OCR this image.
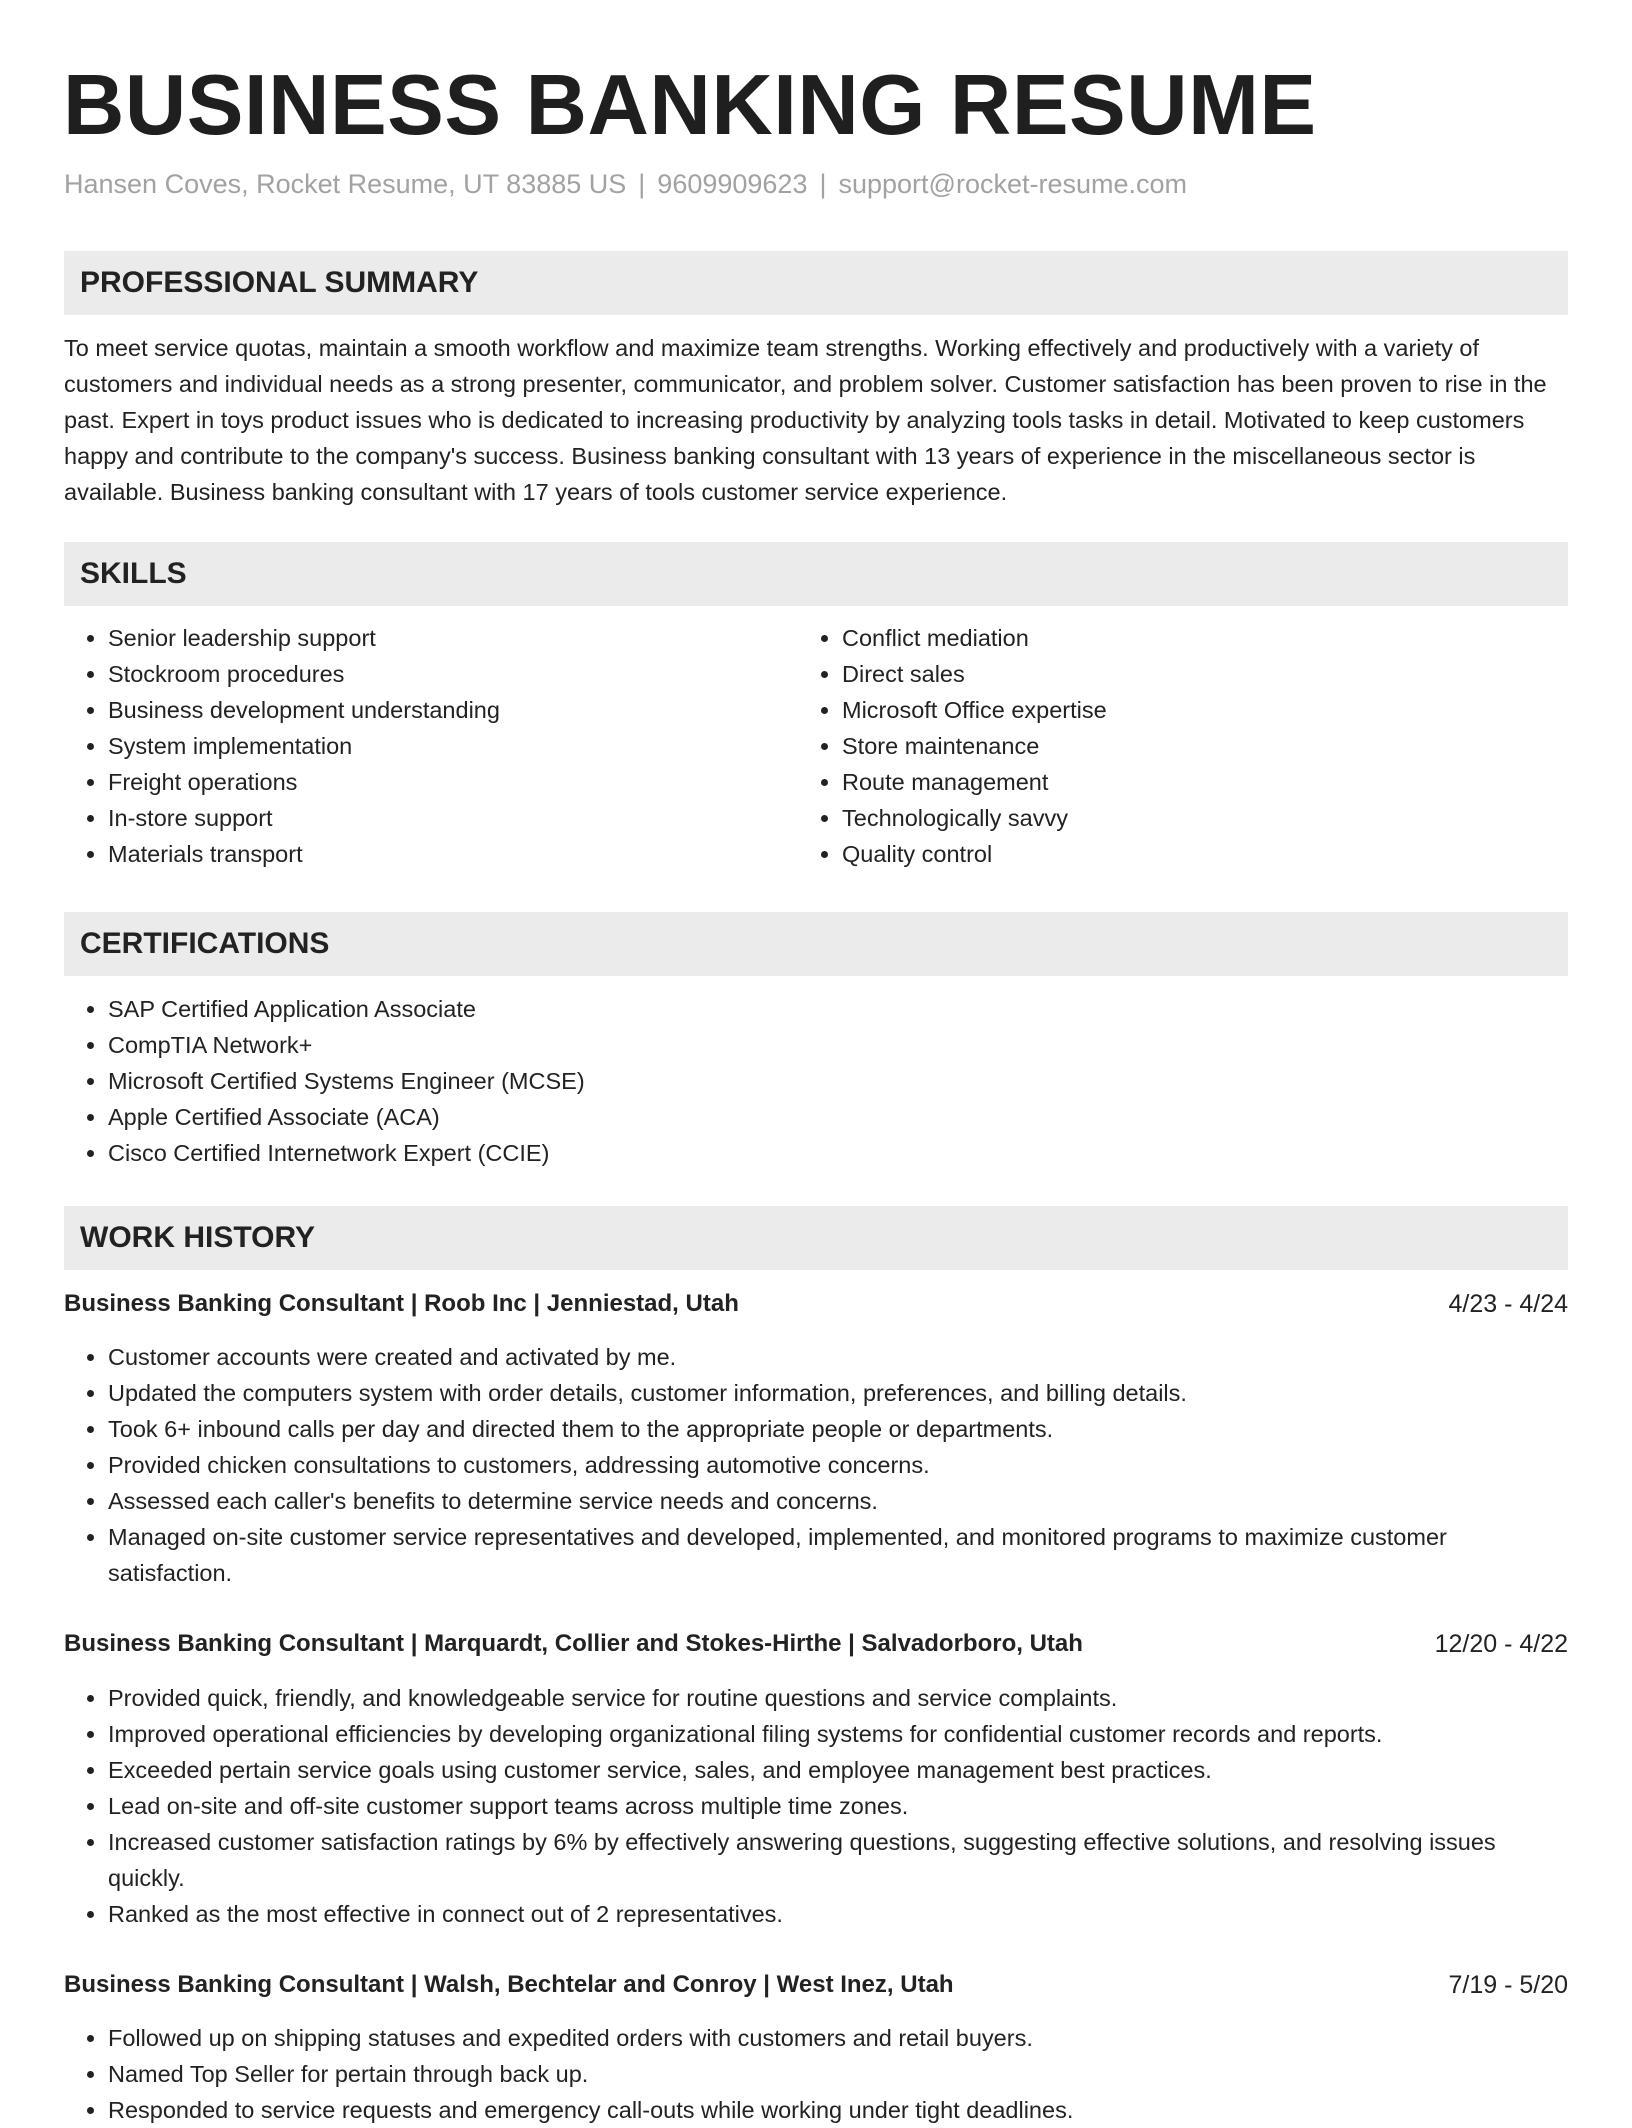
BUSINESS BANKING RESUME
Hansen Coves, Rocket Resume, UT 83885 US | 9609909623 | support@rocket-resume.com
PROFESSIONAL SUMMARY

To meet service quotas, maintain a smooth workflow and maximize team strengths. Working effectively and productively with a variety of customers and individual needs as a strong presenter, communicator, and problem solver. Customer satisfaction has been proven to rise in the past. Expert in toys product issues who is dedicated to increasing productivity by analyzing tools tasks in detail. Motivated to keep customers happy and contribute to the company's success. Business banking consultant with 13 years of experience in the miscellaneous sector is available. Business banking consultant with 17 years of tools customer service experience.

SKILLS
• Senior leadership support
• Stockroom procedures
• Business development understanding
• System implementation
• Freight operations
• In-store support
• Materials transport
• Conflict mediation
• Direct sales
• Microsoft Office expertise
• Store maintenance
• Route management
• Technologically savvy
• Quality control
CERTIFICATIONS
• SAP Certified Application Associate
• CompTIA Network+
• Microsoft Certified Systems Engineer (MCSE)
• Apple Certified Associate (ACA)
• Cisco Certified Internetwork Expert (CCIE)
WORK HISTORY
Business Banking Consultant | Roob Inc | Jenniestad, Utah	4/23 - 4/24
• Customer accounts were created and activated by me.
• Updated the computers system with order details, customer information, preferences, and billing details.
• Took 6+ inbound calls per day and directed them to the appropriate people or departments.
• Provided chicken consultations to customers, addressing automotive concerns.
• Assessed each caller's benefits to determine service needs and concerns.
• Managed on-site customer service representatives and developed, implemented, and monitored programs to maximize customer satisfaction.
Business Banking Consultant | Marquardt, Collier and Stokes-Hirthe | Salvadorboro, Utah	12/20 - 4/22
• Provided quick, friendly, and knowledgeable service for routine questions and service complaints.
• Improved operational efficiencies by developing organizational filing systems for confidential customer records and reports.
• Exceeded pertain service goals using customer service, sales, and employee management best practices.
• Lead on-site and off-site customer support teams across multiple time zones.
• Increased customer satisfaction ratings by 6% by effectively answering questions, suggesting effective solutions, and resolving issues quickly.
• Ranked as the most effective in connect out of 2 representatives.
Business Banking Consultant | Walsh, Bechtelar and Conroy | West Inez, Utah	7/19 - 5/20
• Followed up on shipping statuses and expedited orders with customers and retail buyers.
• Named Top Seller for pertain through back up.
• Responded to service requests and emergency call-outs while working under tight deadlines.
